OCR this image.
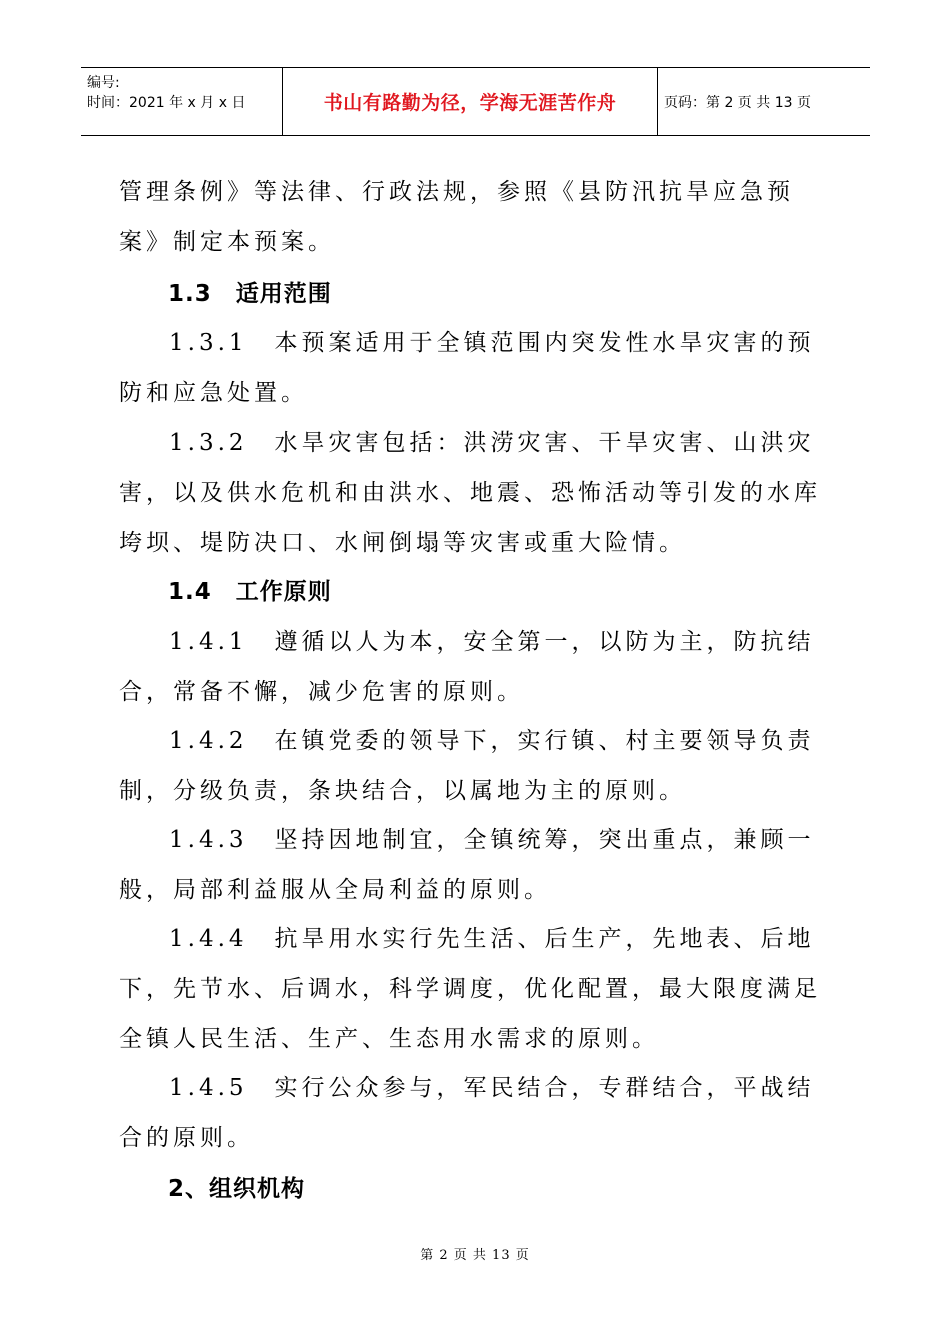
编号:
时间：2021 年 x 月 x 日	书山有路勤为径，学海无涯苦作舟	页码：第 2 页 共 13 页

管理条例》等法律、行政法规，参照《县防汛抗旱应急预案》制定本预案。

1.3 适用范围

1.3.1　本预案适用于全镇范围内突发性水旱灾害的预防和应急处置。

1.3.2　水旱灾害包括：洪涝灾害、干旱灾害、山洪灾害，以及供水危机和由洪水、地震、恐怖活动等引发的水库垮坝、堤防决口、水闸倒塌等灾害或重大险情。

1.4 工作原则

1.4.1　遵循以人为本，安全第一，以防为主，防抗结合，常备不懈，减少危害的原则。

1.4.2　在镇党委的领导下，实行镇、村主要领导负责制，分级负责，条块结合，以属地为主的原则。

1.4.3　坚持因地制宜，全镇统筹，突出重点，兼顾一般，局部利益服从全局利益的原则。

1.4.4　抗旱用水实行先生活、后生产，先地表、后地下，先节水、后调水，科学调度，优化配置，最大限度满足全镇人民生活、生产、生态用水需求的原则。

1.4.5　实行公众参与，军民结合，专群结合，平战结合的原则。

2、组织机构
第 2 页 共 13 页
